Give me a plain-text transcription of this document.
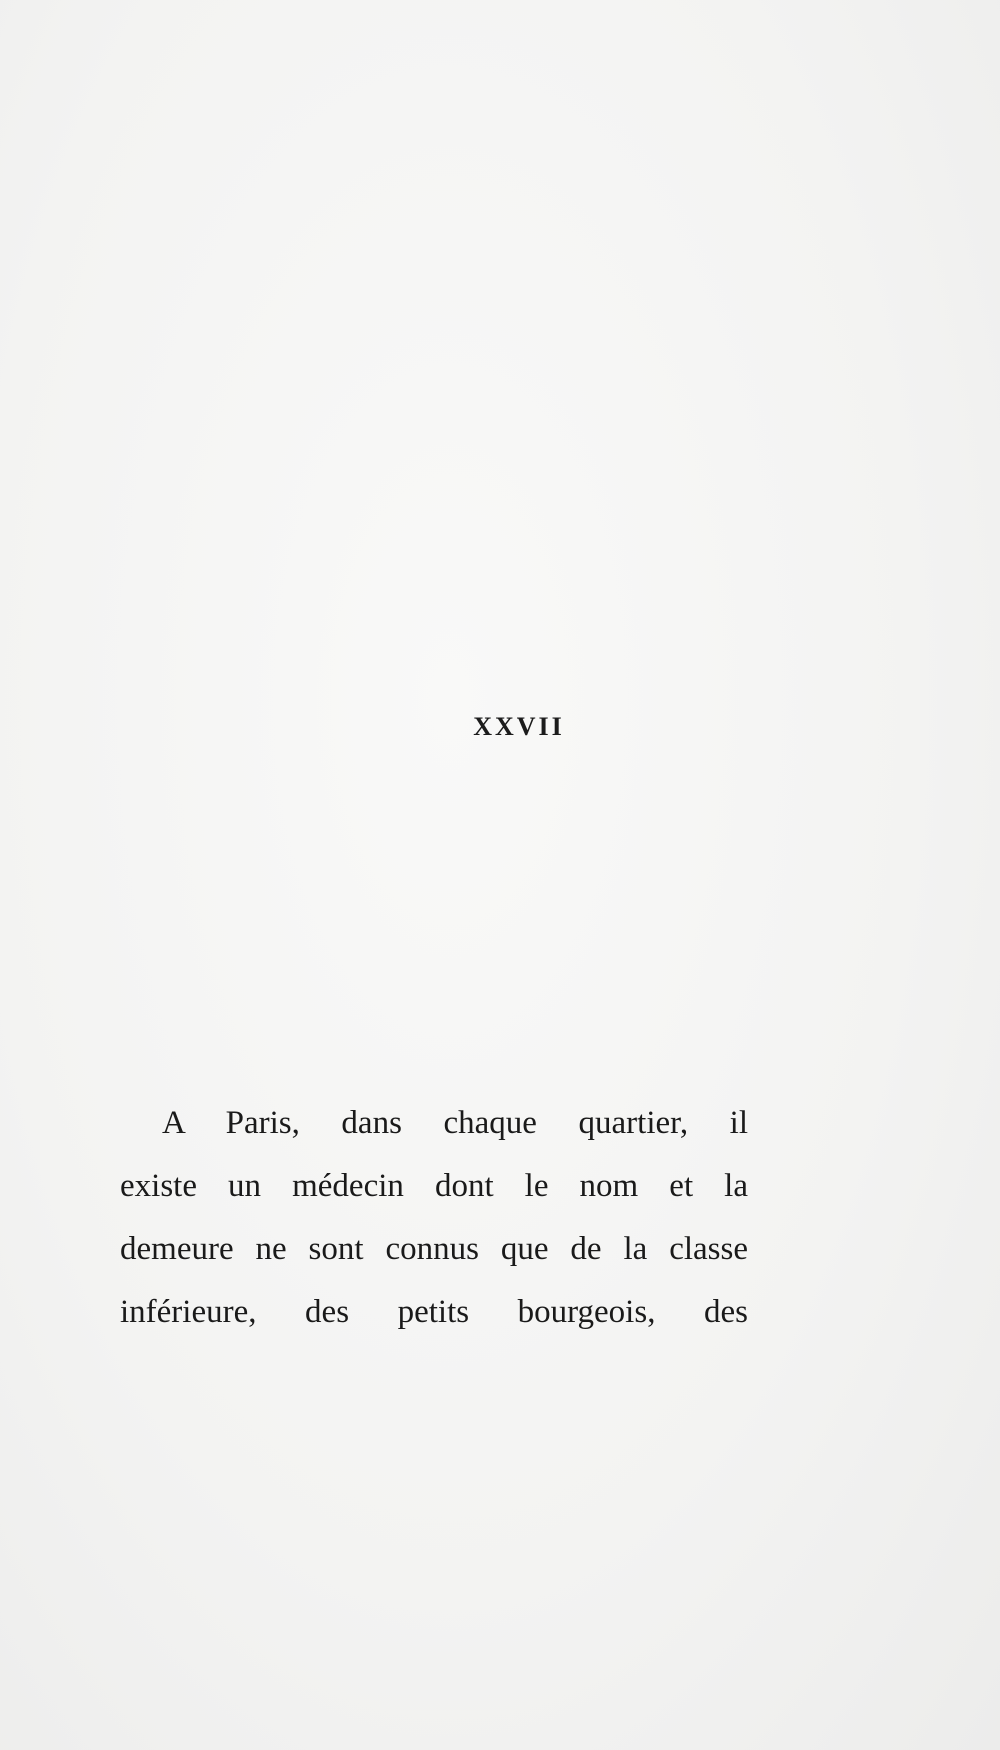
XXVII

A Paris, dans chaque quartier, il
existe un médecin dont le nom et la
demeure ne sont connus que de la classe
inférieure, des petits bourgeois, des
